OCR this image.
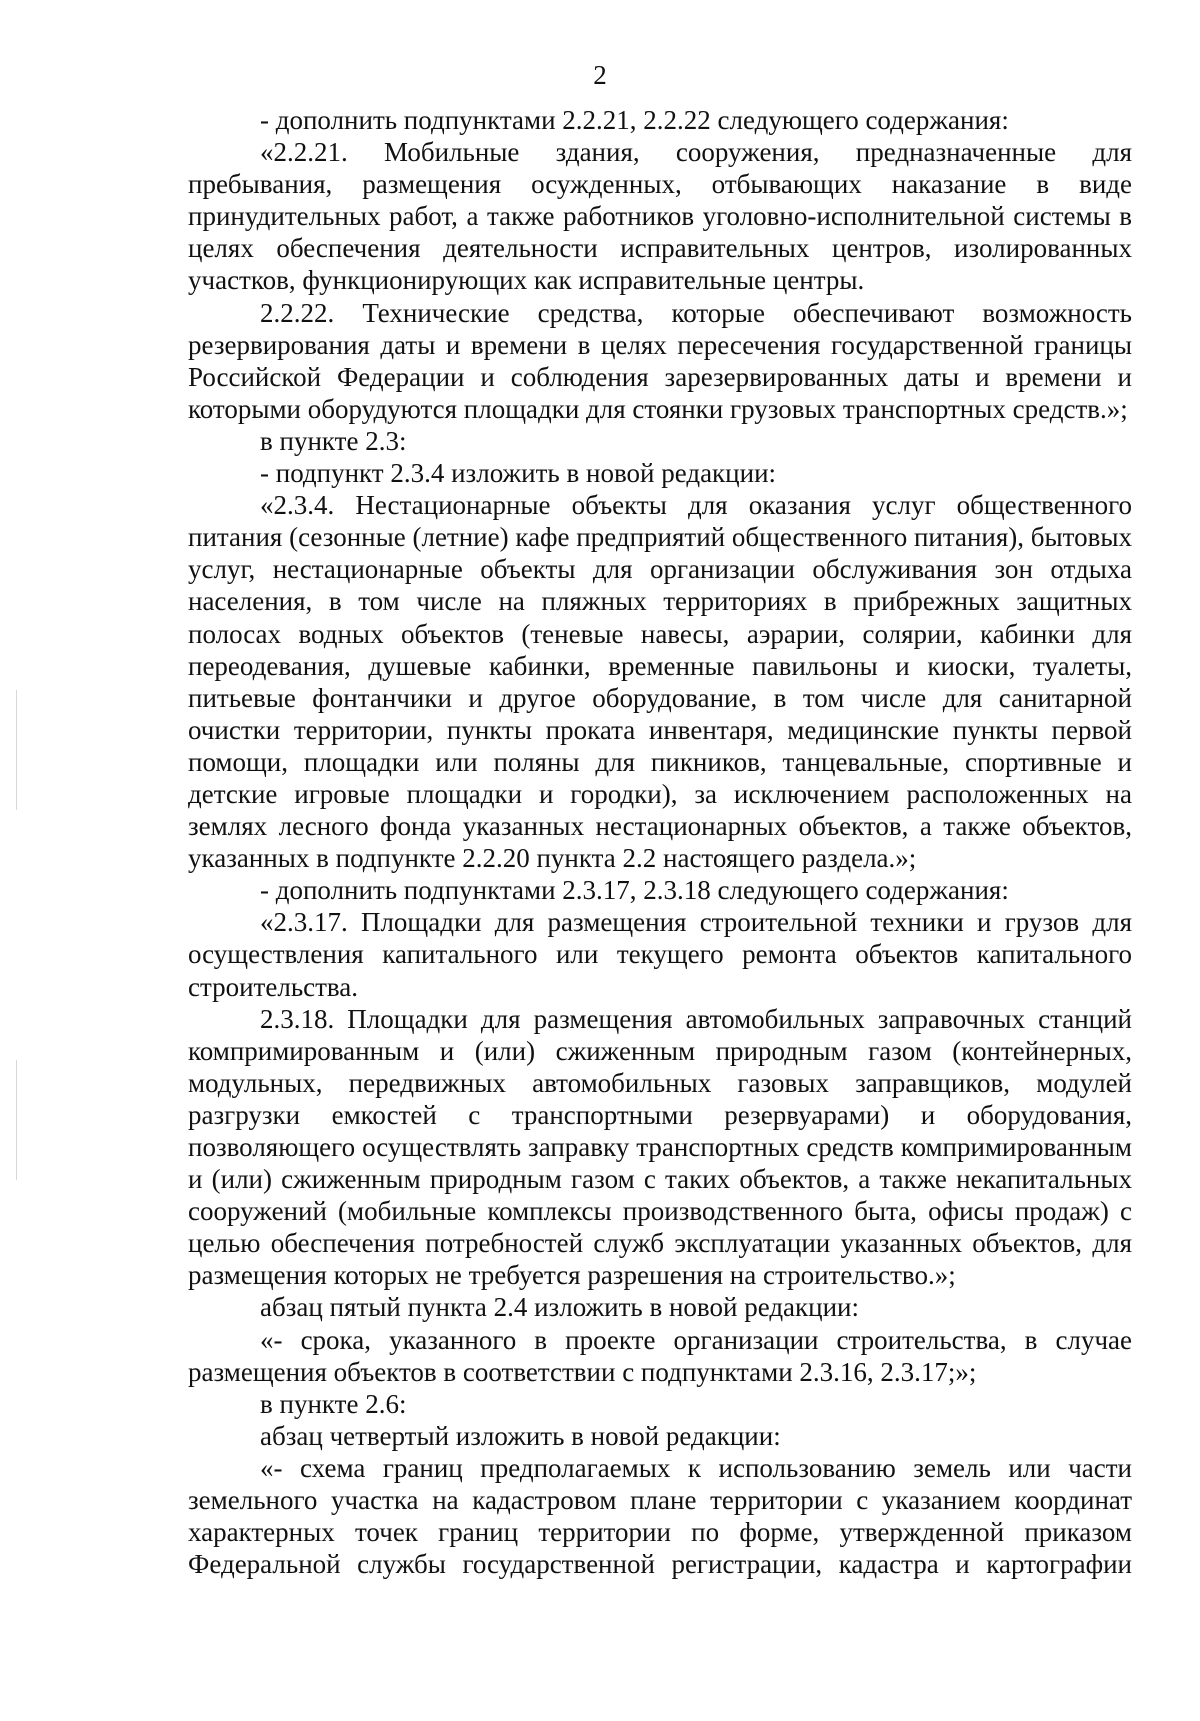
2

- дополнить подпунктами 2.2.21, 2.2.22 следующего содержания:

«2.2.21. Мобильные здания, сооружения, предназначенные для пребывания, размещения осужденных, отбывающих наказание в виде принудительных работ, а также работников уголовно-исполнительной системы в целях обеспечения деятельности исправительных центров, изолированных участков, функционирующих как исправительные центры.

2.2.22. Технические средства, которые обеспечивают возможность резервирования даты и времени в целях пересечения государственной границы Российской Федерации и соблюдения зарезервированных даты и времени и которыми оборудуются площадки для стоянки грузовых транспортных средств.»;

в пункте 2.3:

- подпункт 2.3.4 изложить в новой редакции:

«2.3.4. Нестационарные объекты для оказания услуг общественного питания (сезонные (летние) кафе предприятий общественного питания), бытовых услуг, нестационарные объекты для организации обслуживания зон отдыха населения, в том числе на пляжных территориях в прибрежных защитных полосах водных объектов (теневые навесы, аэрарии, солярии, кабинки для переодевания, душевые кабинки, временные павильоны и киоски, туалеты, питьевые фонтанчики и другое оборудование, в том числе для санитарной очистки территории, пункты проката инвентаря, медицинские пункты первой помощи, площадки или поляны для пикников, танцевальные, спортивные и детские игровые площадки и городки), за исключением расположенных на землях лесного фонда указанных нестационарных объектов, а также объектов, указанных в подпункте 2.2.20 пункта 2.2 настоящего раздела.»;

- дополнить подпунктами 2.3.17, 2.3.18 следующего содержания:

«2.3.17. Площадки для размещения строительной техники и грузов для осуществления капитального или текущего ремонта объектов капитального строительства.

2.3.18. Площадки для размещения автомобильных заправочных станций компримированным и (или) сжиженным природным газом (контейнерных, модульных, передвижных автомобильных газовых заправщиков, модулей разгрузки емкостей с транспортными резервуарами) и оборудования, позволяющего осуществлять заправку транспортных средств компримированным и (или) сжиженным природным газом с таких объектов, а также некапитальных сооружений (мобильные комплексы производственного быта, офисы продаж) с целью обеспечения потребностей служб эксплуатации указанных объектов, для размещения которых не требуется разрешения на строительство.»;

абзац пятый пункта 2.4 изложить в новой редакции:

«- срока, указанного в проекте организации строительства, в случае размещения объектов в соответствии с подпунктами 2.3.16, 2.3.17;»;

в пункте 2.6:

абзац четвертый изложить в новой редакции:

«- схема границ предполагаемых к использованию земель или части земельного участка на кадастровом плане территории с указанием координат характерных точек границ территории по форме, утвержденной приказом Федеральной службы государственной регистрации, кадастра и картографии
